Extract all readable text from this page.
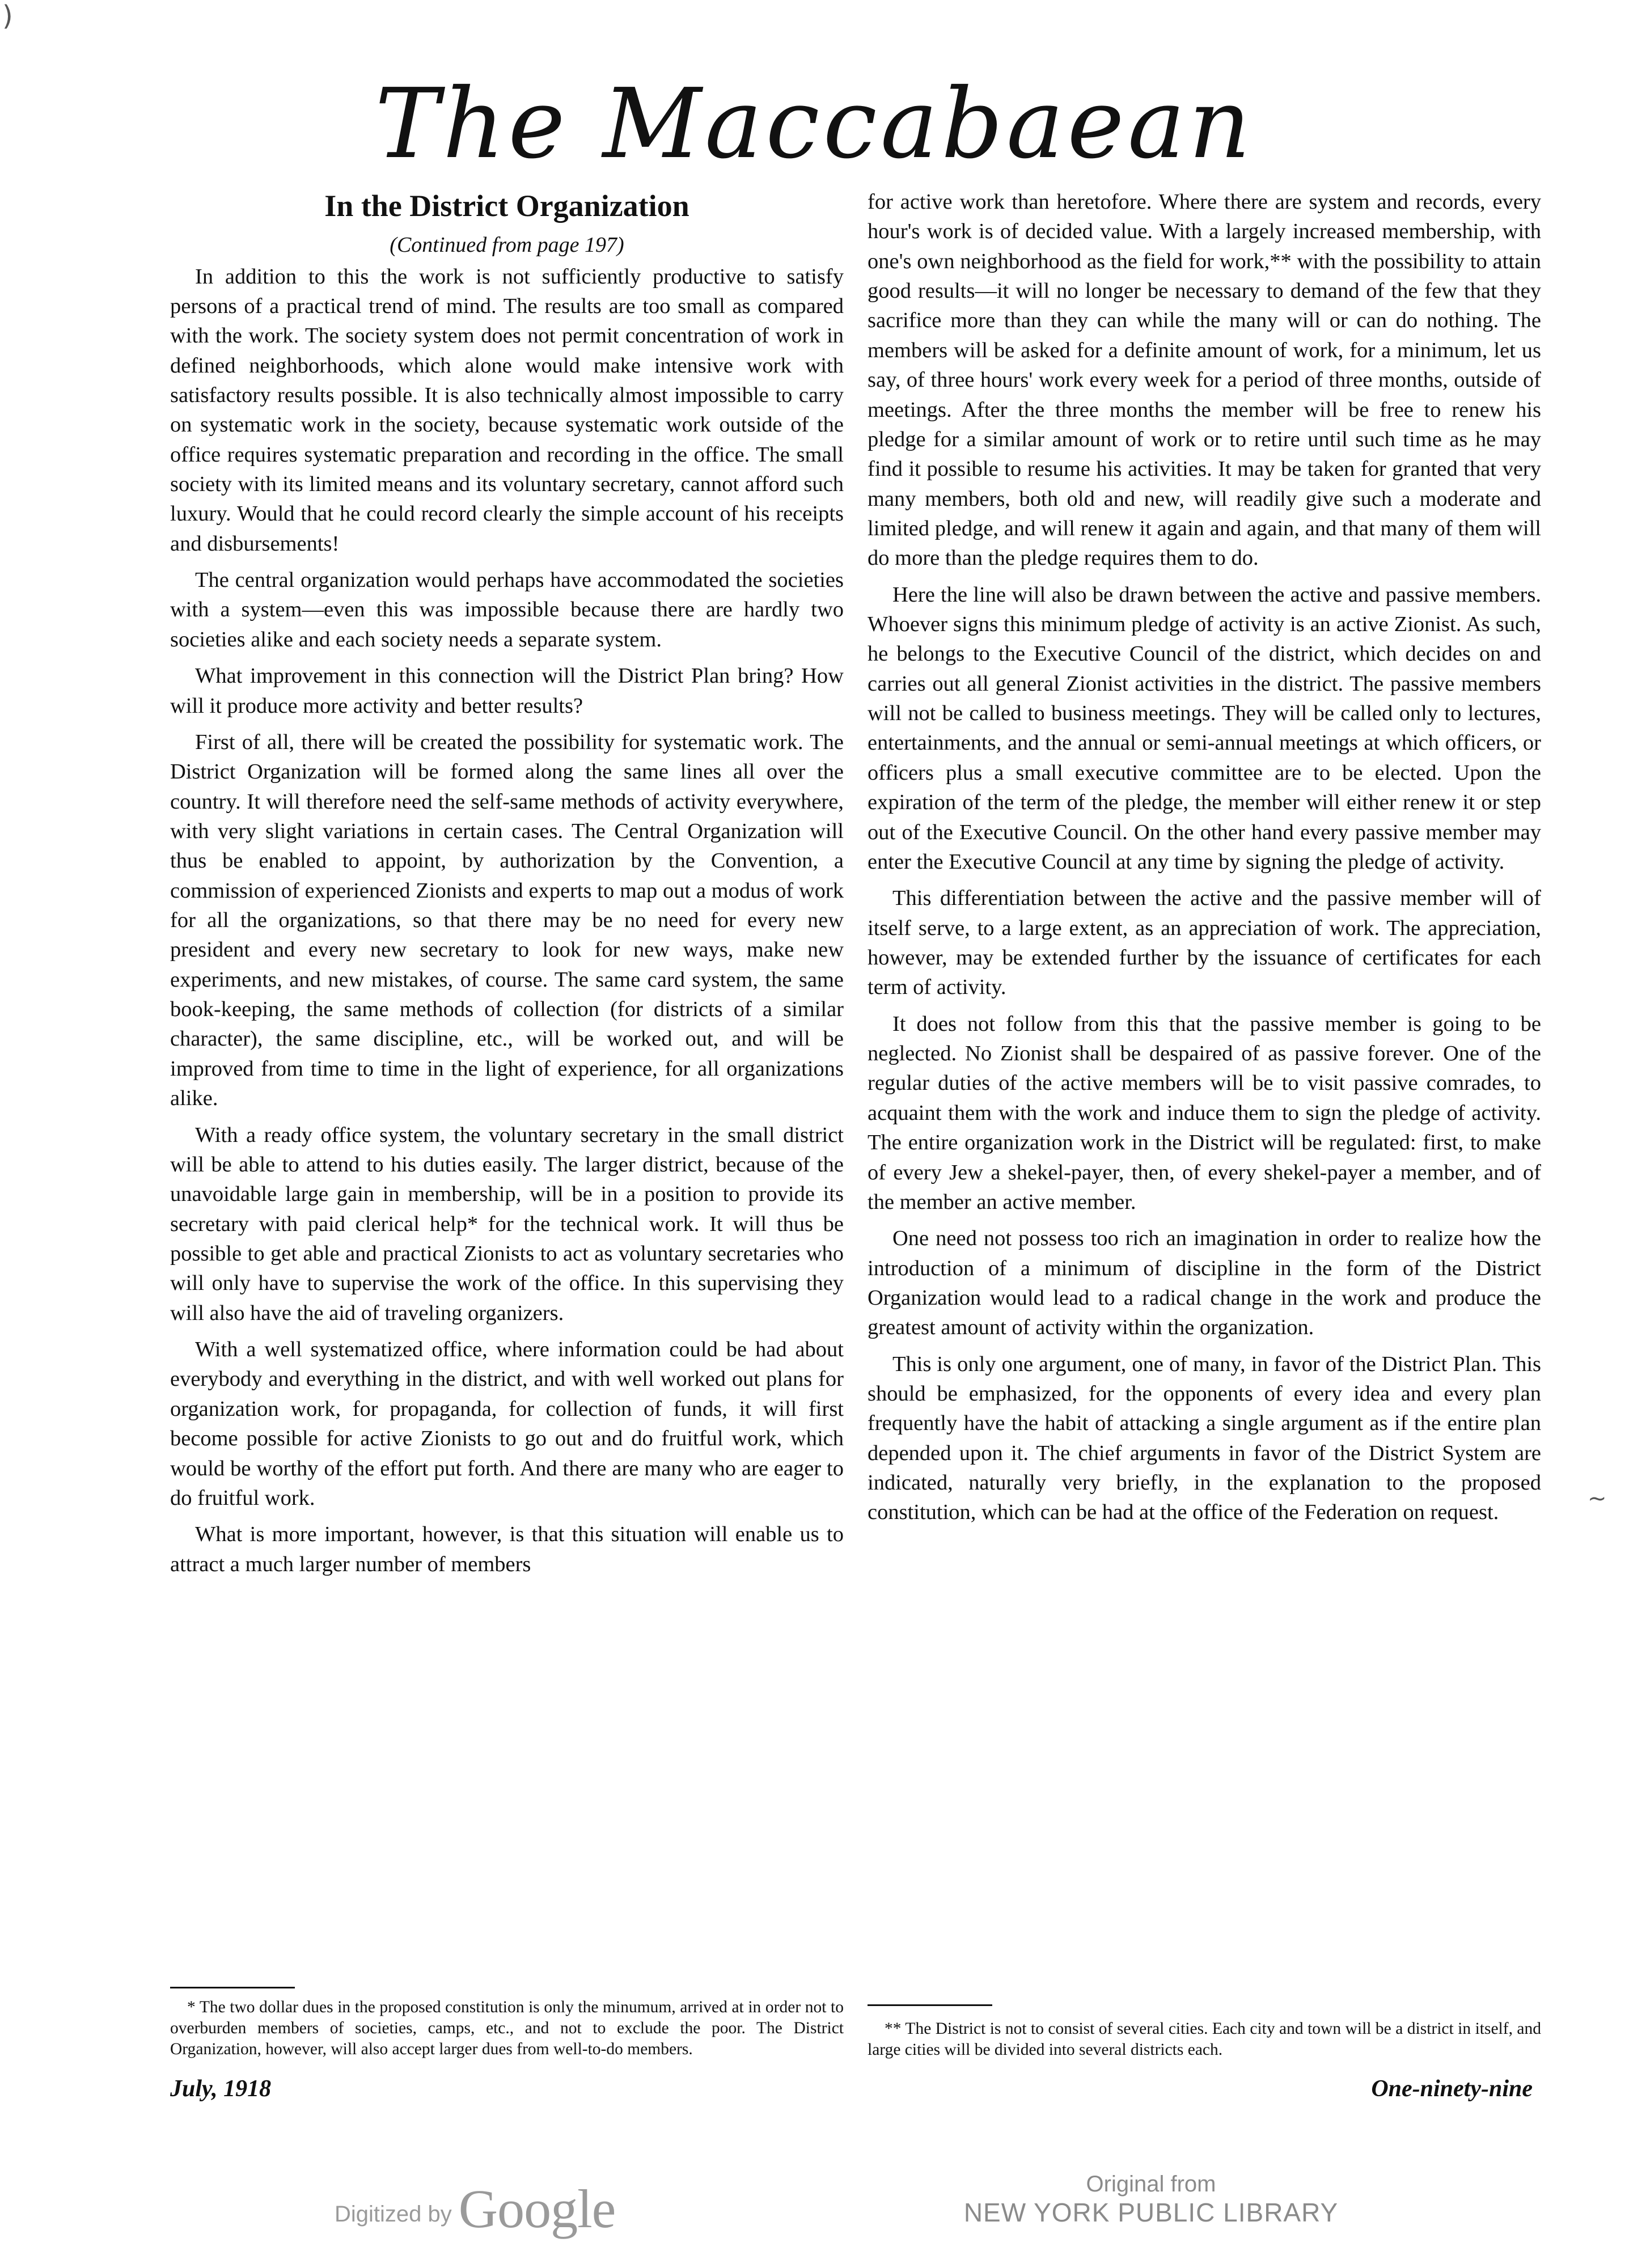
The Maccabaean
In the District Organization
(Continued from page 197)

In addition to this the work is not sufficiently productive to satisfy persons of a practical trend of mind. The results are too small as compared with the work. The society system does not permit concentration of work in defined neighborhoods, which alone would make intensive work with satisfactory results possible. It is also technically almost impossible to carry on systematic work in the society, because systematic work outside of the office requires systematic preparation and recording in the office. The small society with its limited means and its voluntary secretary, cannot afford such luxury. Would that he could record clearly the simple account of his receipts and disbursements!

The central organization would perhaps have accommodated the societies with a system—even this was impossible because there are hardly two societies alike and each society needs a separate system.

What improvement in this connection will the District Plan bring? How will it produce more activity and better results?

First of all, there will be created the possibility for systematic work. The District Organization will be formed along the same lines all over the country. It will therefore need the self-same methods of activity everywhere, with very slight variations in certain cases. The Central Organization will thus be enabled to appoint, by authorization by the Convention, a commission of experienced Zionists and experts to map out a modus of work for all the organizations, so that there may be no need for every new president and every new secretary to look for new ways, make new experiments, and new mistakes, of course. The same card system, the same book-keeping, the same methods of collection (for districts of a similar character), the same discipline, etc., will be worked out, and will be improved from time to time in the light of experience, for all organizations alike.

With a ready office system, the voluntary secretary in the small district will be able to attend to his duties easily. The larger district, because of the unavoidable large gain in membership, will be in a position to provide its secretary with paid clerical help* for the technical work. It will thus be possible to get able and practical Zionists to act as voluntary secretaries who will only have to supervise the work of the office. In this supervising they will also have the aid of traveling organizers.

With a well systematized office, where information could be had about everybody and everything in the district, and with well worked out plans for organization work, for propaganda, for collection of funds, it will first become possible for active Zionists to go out and do fruitful work, which would be worthy of the effort put forth. And there are many who are eager to do fruitful work.

What is more important, however, is that this situation will enable us to attract a much larger number of members

for active work than heretofore. Where there are system and records, every hour's work is of decided value. With a largely increased membership, with one's own neighborhood as the field for work,** with the possibility to attain good results—it will no longer be necessary to demand of the few that they sacrifice more than they can while the many will or can do nothing. The members will be asked for a definite amount of work, for a minimum, let us say, of three hours' work every week for a period of three months, outside of meetings. After the three months the member will be free to renew his pledge for a similar amount of work or to retire until such time as he may find it possible to resume his activities. It may be taken for granted that very many members, both old and new, will readily give such a moderate and limited pledge, and will renew it again and again, and that many of them will do more than the pledge requires them to do.

Here the line will also be drawn between the active and passive members. Whoever signs this minimum pledge of activity is an active Zionist. As such, he belongs to the Executive Council of the district, which decides on and carries out all general Zionist activities in the district. The passive members will not be called to business meetings. They will be called only to lectures, entertainments, and the annual or semi-annual meetings at which officers, or officers plus a small executive committee are to be elected. Upon the expiration of the term of the pledge, the member will either renew it or step out of the Executive Council. On the other hand every passive member may enter the Executive Council at any time by signing the pledge of activity.

This differentiation between the active and the passive member will of itself serve, to a large extent, as an appreciation of work. The appreciation, however, may be extended further by the issuance of certificates for each term of activity.

It does not follow from this that the passive member is going to be neglected. No Zionist shall be despaired of as passive forever. One of the regular duties of the active members will be to visit passive comrades, to acquaint them with the work and induce them to sign the pledge of activity. The entire organization work in the District will be regulated: first, to make of every Jew a shekel-payer, then, of every shekel-payer a member, and of the member an active member.

One need not possess too rich an imagination in order to realize how the introduction of a minimum of discipline in the form of the District Organization would lead to a radical change in the work and produce the greatest amount of activity within the organization.

This is only one argument, one of many, in favor of the District Plan. This should be emphasized, for the opponents of every idea and every plan frequently have the habit of attacking a single argument as if the entire plan depended upon it. The chief arguments in favor of the District System are indicated, naturally very briefly, in the explanation to the proposed constitution, which can be had at the office of the Federation on request.

* The two dollar dues in the proposed constitution is only the minumum, arrived at in order not to overburden members of societies, camps, etc., and not to exclude the poor. The District Organization, however, will also accept larger dues from well-to-do members.
** The District is not to consist of several cities. Each city and town will be a district in itself, and large cities will be divided into several districts each.
July, 1918	One-ninety-nine
Digitized by Google	Original from
NEW YORK PUBLIC LIBRARY
)
~
